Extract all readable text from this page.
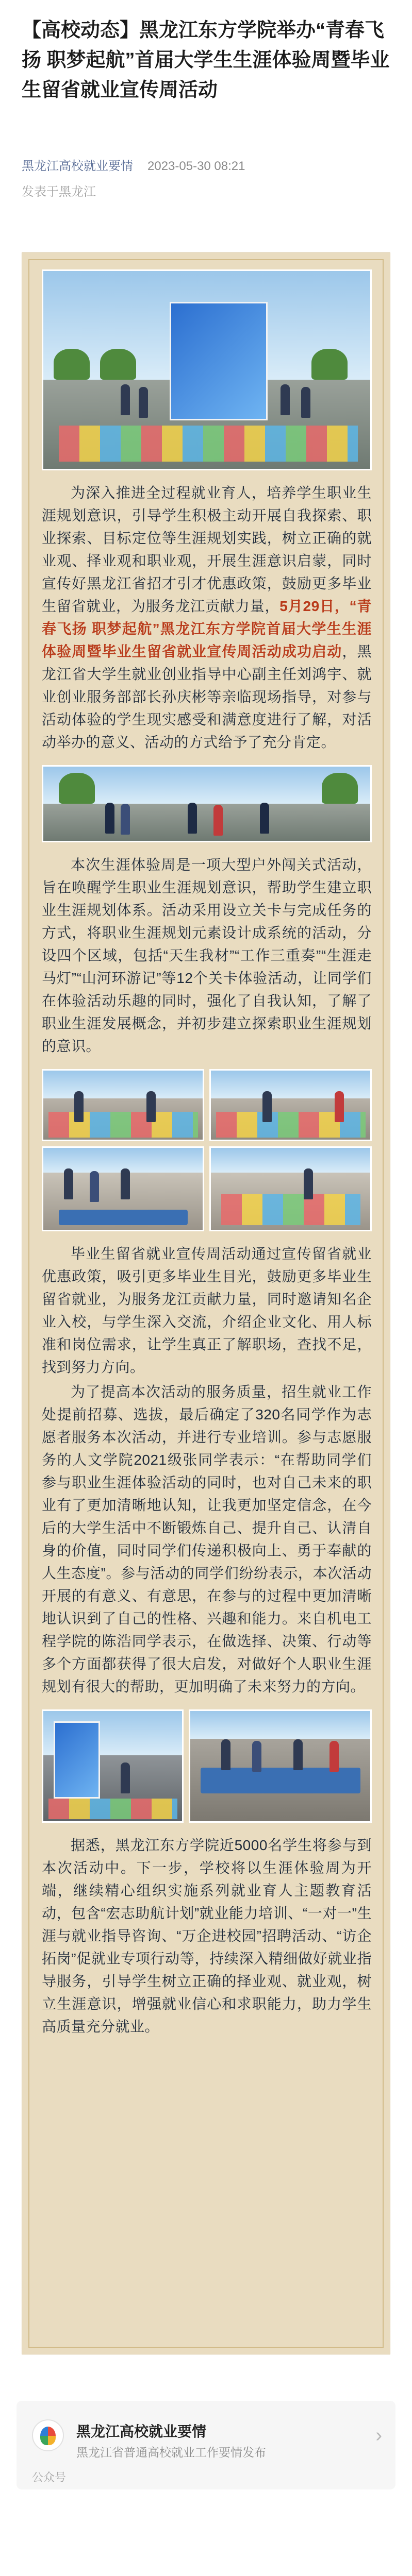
【高校动态】黑龙江东方学院举办“青春飞扬 职梦起航”首届大学生生涯体验周暨毕业生留省就业宣传周活动
黑龙江高校就业要情 2023-05-30 08:21
发表于黑龙江

为深入推进全过程就业育人，培养学生职业生涯规划意识，引导学生积极主动开展自我探索、职业探索、目标定位等生涯规划实践，树立正确的就业观、择业观和职业观，开展生涯意识启蒙，同时宣传好黑龙江省招才引才优惠政策，鼓励更多毕业生留省就业，为服务龙江贡献力量，5月29日，“青春飞扬 职梦起航”黑龙江东方学院首届大学生生涯体验周暨毕业生留省就业宣传周活动成功启动，黑龙江省大学生就业创业指导中心副主任刘鸿宇、就业创业服务部部长孙庆彬等亲临现场指导，对参与活动体验的学生现实感受和满意度进行了解，对活动举办的意义、活动的方式给予了充分肯定。

本次生涯体验周是一项大型户外闯关式活动，旨在唤醒学生职业生涯规划意识，帮助学生建立职业生涯规划体系。活动采用设立关卡与完成任务的方式，将职业生涯规划元素设计成系统的活动，分设四个区域，包括“天生我材”“工作三重奏”“生涯走马灯”“山河环游记”等12个关卡体验活动，让同学们在体验活动乐趣的同时，强化了自我认知，了解了职业生涯发展概念，并初步建立探索职业生涯规划的意识。

毕业生留省就业宣传周活动通过宣传留省就业优惠政策，吸引更多毕业生目光，鼓励更多毕业生留省就业，为服务龙江贡献力量，同时邀请知名企业入校，与学生深入交流，介绍企业文化、用人标准和岗位需求，让学生真正了解职场，查找不足，找到努力方向。

为了提高本次活动的服务质量，招生就业工作处提前招募、选拔，最后确定了320名同学作为志愿者服务本次活动，并进行专业培训。参与志愿服务的人文学院2021级张同学表示：“在帮助同学们参与职业生涯体验活动的同时，也对自己未来的职业有了更加清晰地认知，让我更加坚定信念，在今后的大学生活中不断锻炼自己、提升自己、认清自身的价值，同时同学们传递积极向上、勇于奉献的人生态度”。参与活动的同学们纷纷表示，本次活动开展的有意义、有意思，在参与的过程中更加清晰地认识到了自己的性格、兴趣和能力。来自机电工程学院的陈浩同学表示，在做选择、决策、行动等多个方面都获得了很大启发，对做好个人职业生涯规划有很大的帮助，更加明确了未来努力的方向。

据悉，黑龙江东方学院近5000名学生将参与到本次活动中。下一步，学校将以生涯体验周为开端，继续精心组织实施系列就业育人主题教育活动，包含“宏志助航计划”就业能力培训、“一对一”生涯与就业指导咨询、“万企进校园”招聘活动、“访企拓岗”促就业专项行动等，持续深入精细做好就业指导服务，引导学生树立正确的择业观、就业观，树立生涯意识，增强就业信心和求职能力，助力学生高质量充分就业。

黑龙江高校就业要情
黑龙江省普通高校就业工作要情发布
›
公众号
